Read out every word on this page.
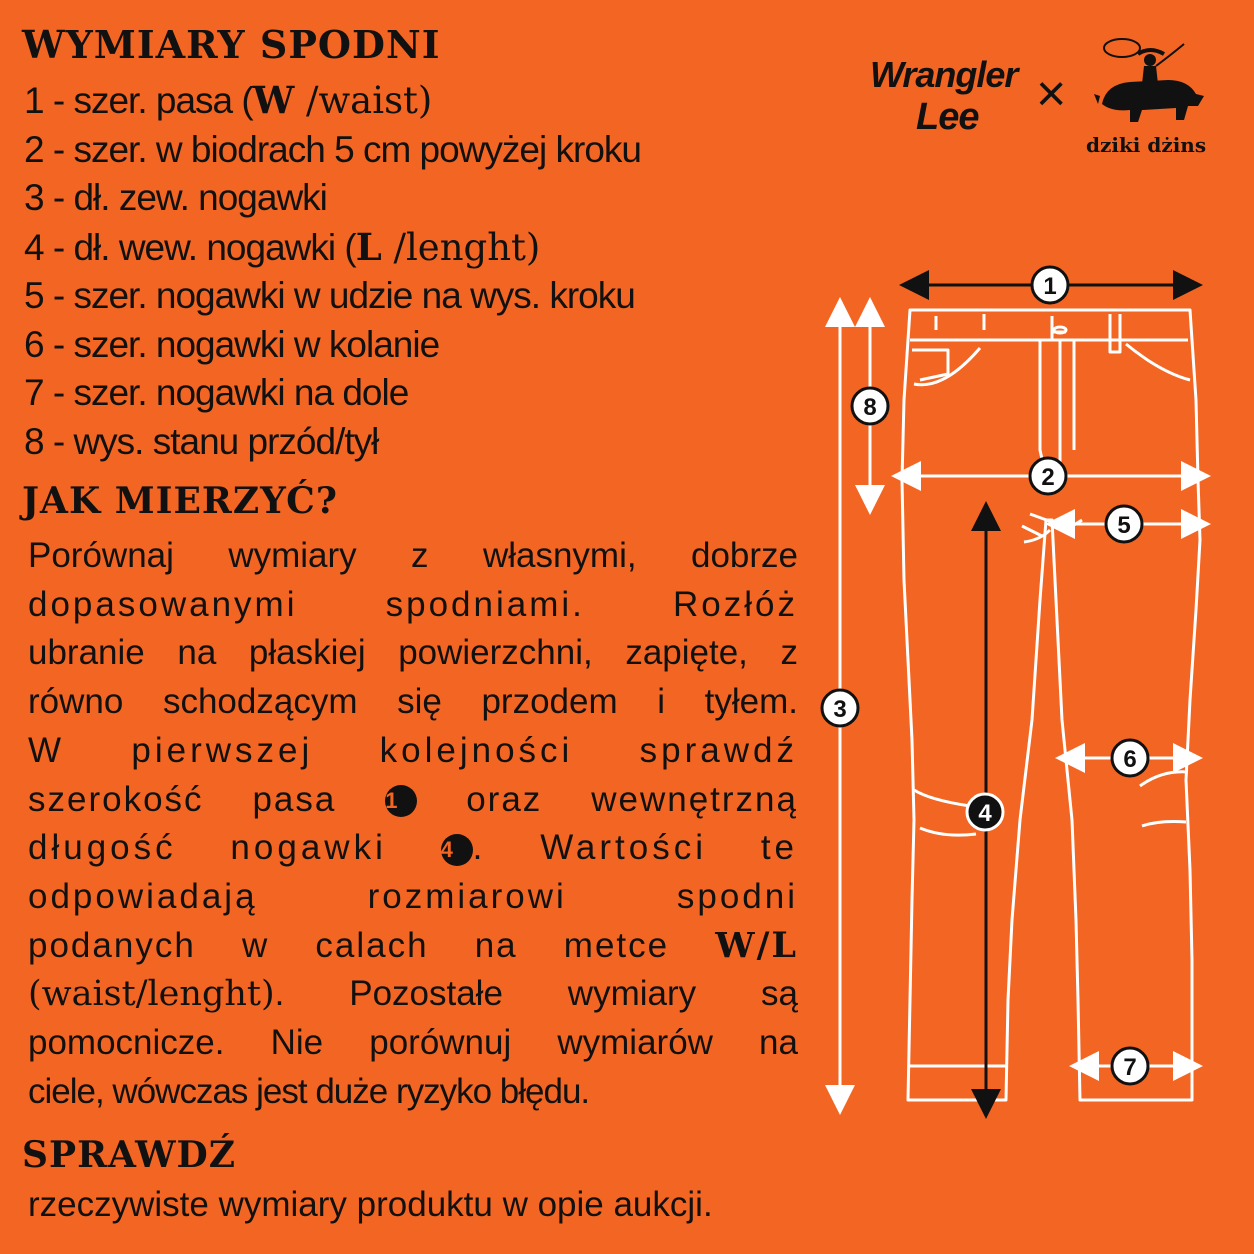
WYMIARY SPODNI
1 - szer. pasa (W /waist)
2 - szer. w biodrach 5 cm powyżej kroku
3 - dł. zew. nogawki
4 - dł. wew. nogawki (L /lenght)
5 - szer. nogawki w udzie na wys. kroku
6 - szer. nogawki w kolanie
7 - szer. nogawki na dole
8 - wys. stanu przód/tył
JAK MIERZYĆ?
Porównaj wymiary z własnymi, dobrze
dopasowanymi spodniami. Rozłóż
ubranie na płaskiej powierzchni, zapięte, z
równo schodzącym się przodem i tyłem.
W pierwszej kolejności sprawdź
szerokość pasa 1 oraz wewnętrzną
długość nogawki 4 . Wartości te
odpowiadają rozmiarowi spodni
podanych w calach na metce W/L
(waist/lenght). Pozostałe wymiary są
pomocnicze. Nie porównuj wymiarów na
ciele, wówczas jest duże ryzyko błędu.
SPRAWDŹ
rzeczywiste wymiary produktu w opie aukcji.
Wrangler
Lee ×
dziki dżins
1
8
2
5
3
6
4
7
